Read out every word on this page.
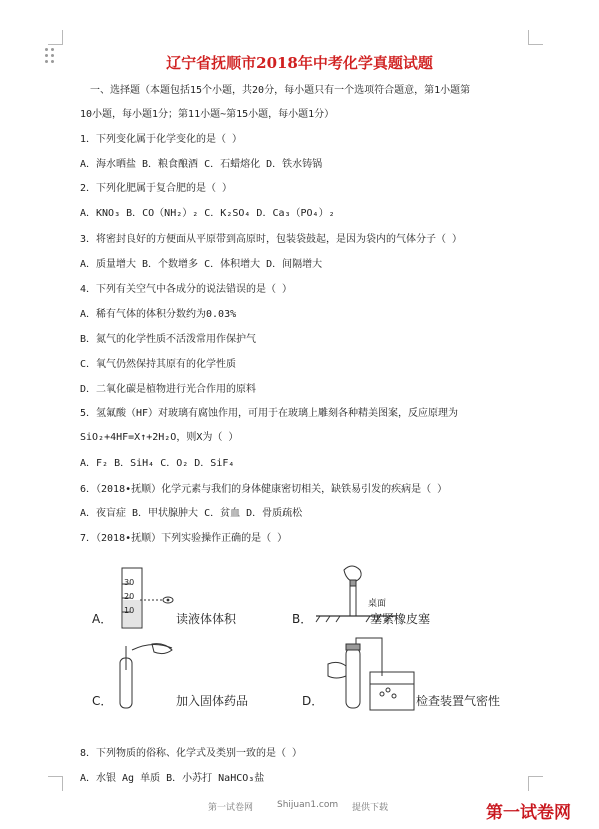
辽宁省抚顺市2018年中考化学真题试题
一、选择题（本题包括15个小题，共20分，每小题只有一个选项符合题意，第1小题第
10小题，每小题1分；第11小题~第15小题，每小题1分）
1．下列变化属于化学变化的是（ ）
A．海水晒盐 B．粮食酿酒 C．石蜡熔化 D．铁水铸锅
2．下列化肥属于复合肥的是（ ）
A．KNO₃ B．CO（NH₂）₂ C．K₂SO₄ D．Ca₃（PO₄）₂
3．将密封良好的方便面从平原带到高原时，包装袋鼓起，是因为袋内的气体分子（ ）
A．质量增大 B．个数增多 C．体积增大 D．间隔增大
4．下列有关空气中各成分的说法错误的是（ ）
A．稀有气体的体积分数约为0.03%
B．氮气的化学性质不活泼常用作保护气
C．氧气仍然保持其原有的化学性质
D．二氧化碳是植物进行光合作用的原料
5．氢氟酸（HF）对玻璃有腐蚀作用，可用于在玻璃上雕刻各种精美图案，反应原理为
SiO₂+4HF=X↑+2H₂O，则X为（ ）
A．F₂ B．SiH₄ C．O₂ D．SiF₄
6．（2018•抚顺）化学元素与我们的身体健康密切相关，缺铁易引发的疾病是（ ）
A．夜盲症 B．甲状腺肿大 C．贫血 D．骨质疏松
7．（2018•抚顺）下列实验操作正确的是（ ）
A．
30
20
10
读液体体积	B．
桌面
塞紧橡皮塞
C．	加入固体药品	D．	检查装置气密性
8．下列物质的俗称、化学式及类别一致的是（ ）
A．水银 Ag 单质 B．小苏打 NaHCO₃盐
第一试卷网	Shijuan1.com 提供下载	第一试卷网
